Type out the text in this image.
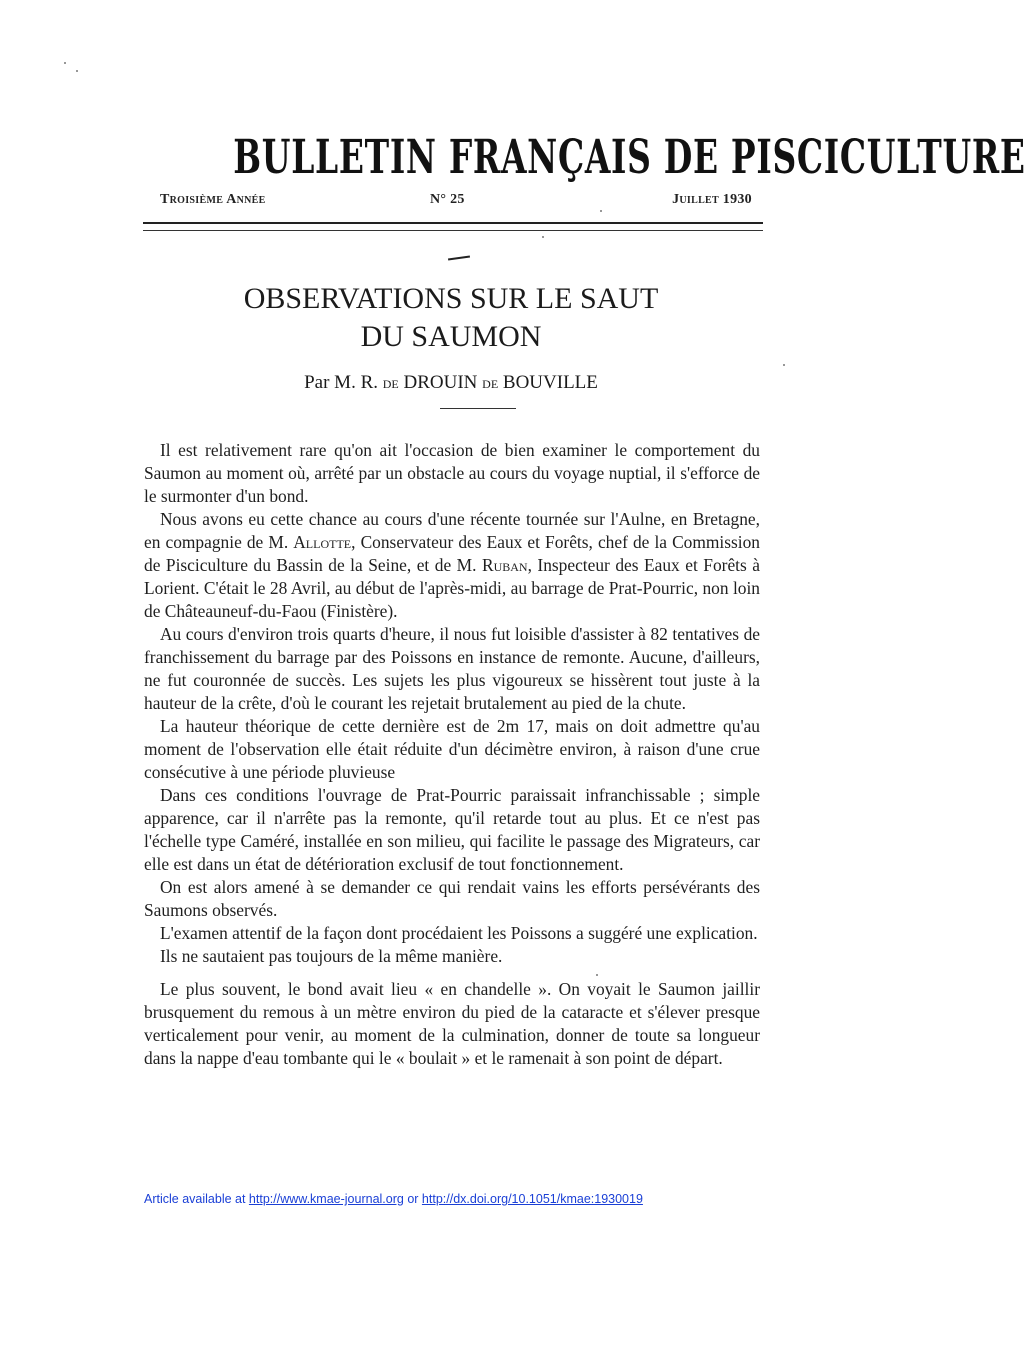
BULLETIN FRANÇAIS DE PISCICULTURE
Troisième Année	N° 25	Juillet 1930
OBSERVATIONS SUR LE SAUT
DU SAUMON
Par M. R. de DROUIN de BOUVILLE

Il est relativement rare qu'on ait l'occasion de bien examiner le comportement du Saumon au moment où, arrêté par un obstacle au cours du voyage nuptial, il s'efforce de le surmonter d'un bond.

Nous avons eu cette chance au cours d'une récente tournée sur l'Aulne, en Bretagne, en compagnie de M. Allotte, Conservateur des Eaux et Forêts, chef de la Commission de Pisciculture du Bassin de la Seine, et de M. Ruban, Inspecteur des Eaux et Forêts à Lorient. C'était le 28 Avril, au début de l'après-midi, au barrage de Prat-Pourric, non loin de Châteauneuf-du-Faou (Finistère).

Au cours d'environ trois quarts d'heure, il nous fut loisible d'assister à 82 tentatives de franchissement du barrage par des Poissons en instance de remonte. Aucune, d'ailleurs, ne fut couronnée de succès. Les sujets les plus vigoureux se hissèrent tout juste à la hauteur de la crête, d'où le courant les rejetait brutalement au pied de la chute.

La hauteur théorique de cette dernière est de 2m 17, mais on doit admettre qu'au moment de l'observation elle était réduite d'un décimètre environ, à raison d'une crue consécutive à une période pluvieuse

Dans ces conditions l'ouvrage de Prat-Pourric paraissait infranchissable ; simple apparence, car il n'arrête pas la remonte, qu'il retarde tout au plus. Et ce n'est pas l'échelle type Caméré, installée en son milieu, qui facilite le passage des Migrateurs, car elle est dans un état de détérioration exclusif de tout fonctionnement.

On est alors amené à se demander ce qui rendait vains les efforts persévérants des Saumons observés.

L'examen attentif de la façon dont procédaient les Poissons a suggéré une explication.

Ils ne sautaient pas toujours de la même manière.

Le plus souvent, le bond avait lieu « en chandelle ». On voyait le Saumon jaillir brusquement du remous à un mètre environ du pied de la cataracte et s'élever presque verticalement pour venir, au moment de la culmination, donner de toute sa longueur dans la nappe d'eau tombante qui le « boulait » et le ramenait à son point de départ.

Article available at http://www.kmae-journal.org or http://dx.doi.org/10.1051/kmae:1930019
